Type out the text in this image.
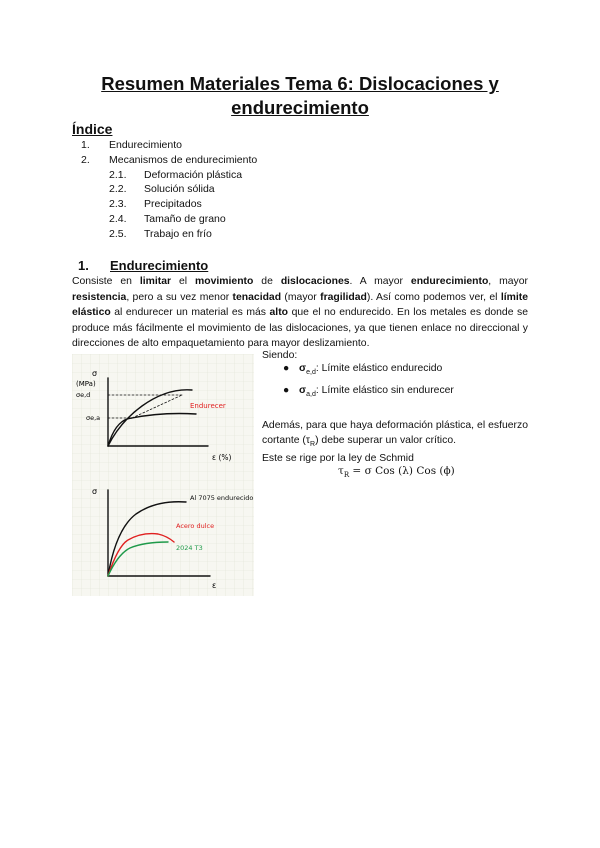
Resumen Materiales Tema 6: Dislocaciones y endurecimiento
Índice
1. Endurecimiento
2. Mecanismos de endurecimiento
2.1. Deformación plástica
2.2. Solución sólida
2.3. Precipitados
2.4. Tamaño de grano
2.5. Trabajo en frío
1. Endurecimiento
Consiste en limitar el movimiento de dislocaciones. A mayor endurecimiento, mayor resistencia, pero a su vez menor tenacidad (mayor fragilidad). Así como podemos ver, el límite elástico al endurecer un material es más alto que el no endurecido. En los metales es donde se produce más fácilmente el movimiento de las dislocaciones, ya que tienen enlace no direccional y direcciones de alto empaquetamiento para mayor deslizamiento.
σ
(MPa)
σe,d
σe,a
ε (%)
Endurecer
σ
ε
Al 7075 endurecido
Acero dulce
2024 T3
Siendo:
● $\sigma_{e,d}$: Límite elástico endurecido
● $\sigma_{a,d}$: Límite elástico sin endurecer
Además, para que haya deformación plástica, el esfuerzo cortante $(\tau_R)$ debe superar un valor crítico.
Este se rige por la ley de Schmid
$\tau_R = \sigma$ Cos (λ) Cos (ϕ)
